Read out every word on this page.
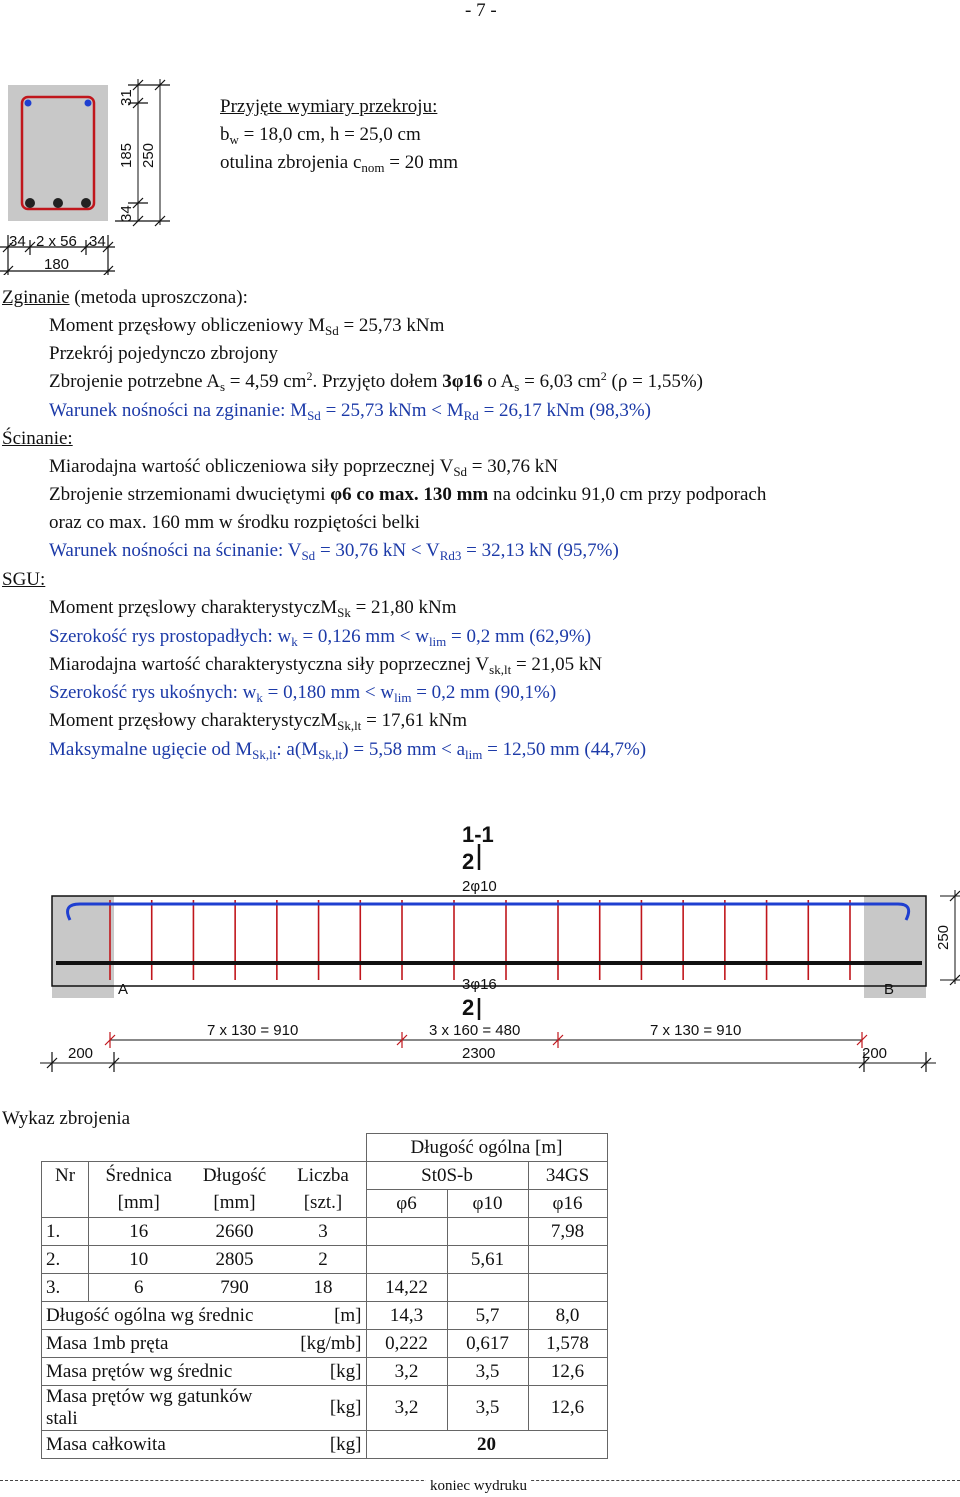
- 7 -
31
185 250
34
34 2 x 56 34
180
Przyjęte wymiary przekroju:
$b_w = 18,0$ cm, h = 25,0 cm
otulina zbrojenia $c_{nom} = 20$ mm
Zginanie (metoda uproszczona):
Moment przęsłowy obliczeniowy $M_{Sd} = 25,73$ kNm
Przekrój pojedynczo zbrojony
Zbrojenie potrzebne $A_s = 4,59$ $cm^2$. Przyjęto dołem 3φ16 o $A_s = 6,03$ $cm^2$ (ρ = 1,55%)
Warunek nośności na zginanie: $M_{Sd} = 25,73$ kNm < $M_{Rd} = 26,17$ kNm (98,3%)
Ścinanie:
Miarodajna wartość obliczeniowa siły poprzecznej $V_{Sd} = 30,76$ kN
Zbrojenie strzemionami dwuciętymi φ6 co max. 130 mm na odcinku 91,0 cm przy podporach
oraz co max. 160 mm w środku rozpiętości belki
Warunek nośności na ścinanie: $V_{Sd} = 30,76$ kN < $V_{Rd3} = 32,13$ kN (95,7%)
SGU:
Moment przęslowy charakterystyczM$_{Sk}$ = 21,80 kNm
Szerokość rys prostopadłych: $w_k = 0,126$ mm < $w_{lim} = 0,2$ mm (62,9%)
Miarodajna wartość charakterystyczna siły poprzecznej $V_{sk,lt} = 21,05$ kN
Szerokość rys ukośnych: $w_k = 0,180$ mm < $w_{lim} = 0,2$ mm (90,1%)
Moment przęsłowy charakterystyczM$_{Sk,lt}$ = 17,61 kNm
Maksymalne ugięcie od $M_{Sk,lt}$: $a(M_{Sk,lt}) = 5,58$ mm < $a_{lim} = 12,50$ mm (44,7%)
1-1
2
2φ10
A	3φ16	B
2
250
7 x 130 = 910	3 x 160 = 480	7 x 130 = 910
200	2300	200
Wykaz zbrojenia
				Długość ogólna [m]		
Nr	Średnica	Długość	Liczba	St0S-b		34GS
	[mm]	[mm]	[szt.]	φ6	φ10	φ16
1.	16	2660	3			7,98
2.	10	2805	2		5,61	
3.	6	790	18	14,22		
Długość ogólna wg średnic			[m]	14,3	5,7	8,0
Masa 1mb pręta			[kg/mb]	0,222	0,617	1,578
Masa prętów wg średnic			[kg]	3,2	3,5	12,6
Masa prętów wg gatunków stali			[kg]	3,2	3,5	12,6
Masa całkowita			[kg]	20		
koniec wydruku
